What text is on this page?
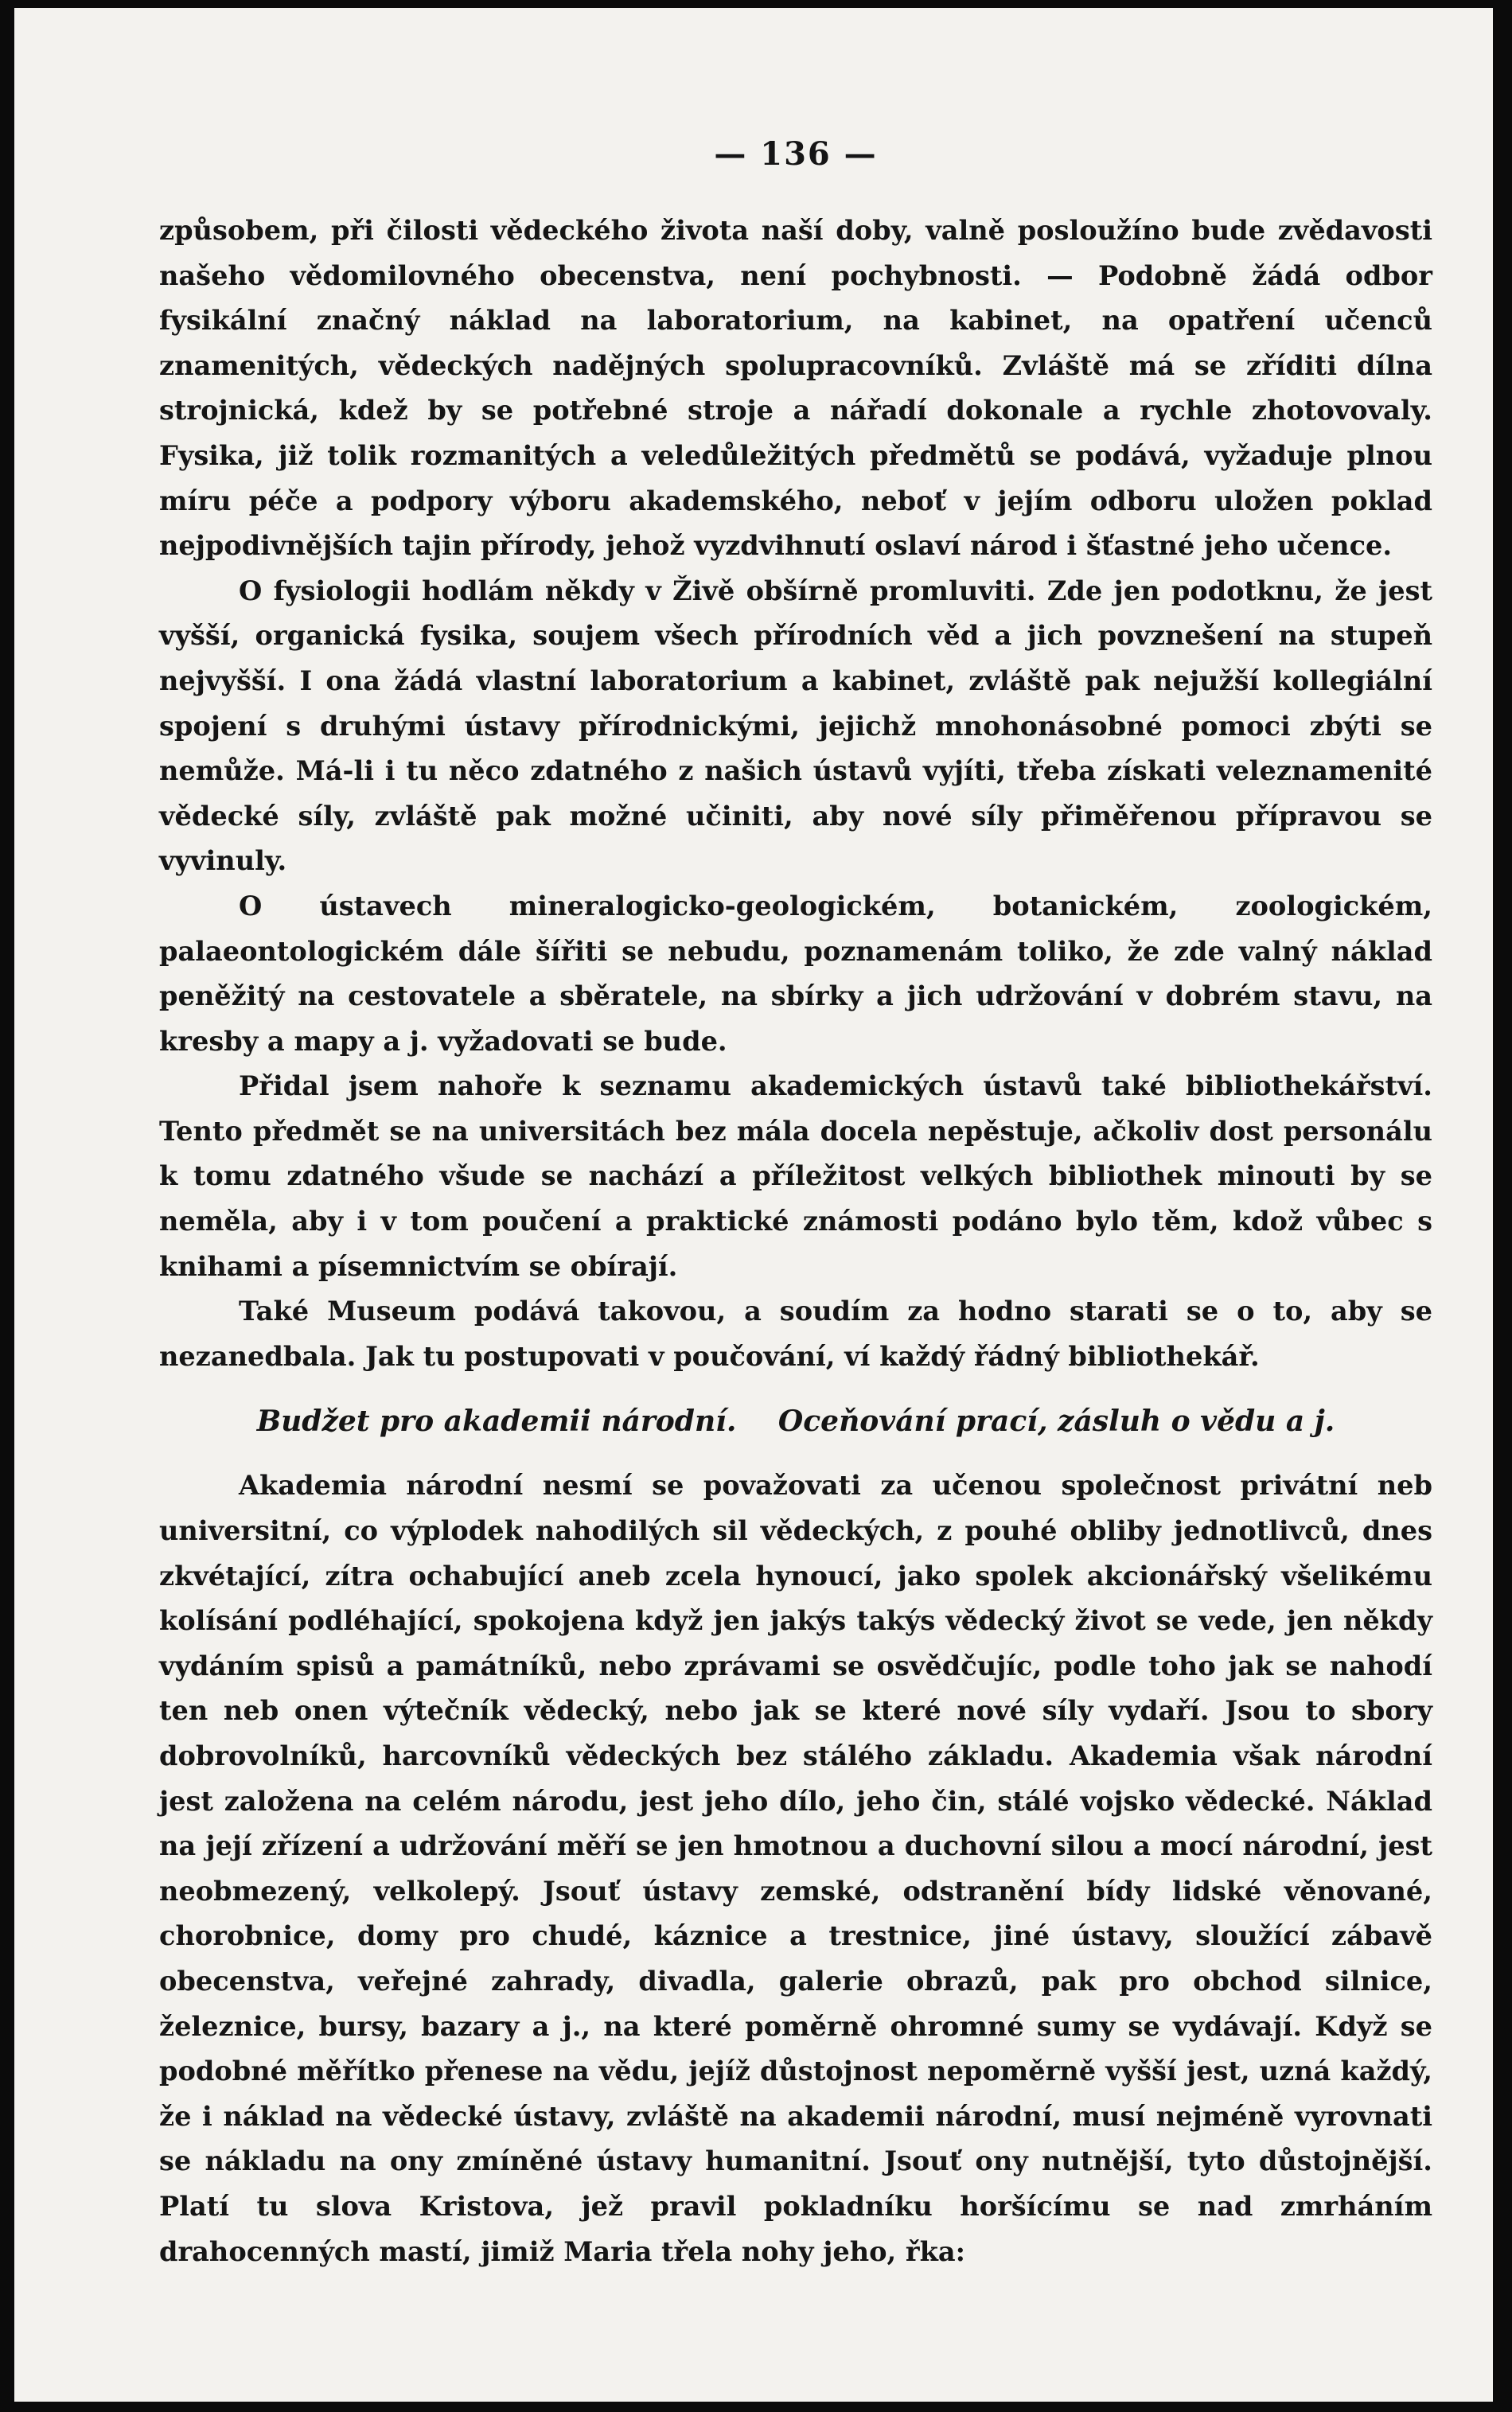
— 136 —

způsobem, při čilosti vědeckého života naší doby, valně posloužíno bude zvědavosti našeho vědomilovného obecenstva, není pochybnosti. — Podobně žádá odbor fysikální značný náklad na laboratorium, na kabinet, na opatření učenců znamenitých, vědeckých nadějných spolupracovníků. Zvláště má se zříditi dílna strojnická, kdež by se potřebné stroje a nářadí dokonale a rychle zhotovovaly. Fysika, již tolik rozmanitých a veledůležitých předmětů se podává, vyžaduje plnou míru péče a podpory výboru akademského, neboť v jejím odboru uložen poklad nejpodivnějších tajin přírody, jehož vyzdvihnutí oslaví národ i šťastné jeho učence.

O fysiologii hodlám někdy v Živě obšírně promluviti. Zde jen podotknu, že jest vyšší, organická fysika, soujem všech přírodních věd a jich povznešení na stupeň nejvyšší. I ona žádá vlastní laboratorium a kabinet, zvláště pak nejužší kollegiální spojení s druhými ústavy přírodnickými, jejichž mnohonásobné pomoci zbýti se nemůže. Má-li i tu něco zdatného z našich ústavů vyjíti, třeba získati veleznamenité vědecké síly, zvláště pak možné učiniti, aby nové síly přiměřenou přípravou se vyvinuly.

O ústavech mineralogicko-geologickém, botanickém, zoologickém, palaeontologickém dále šířiti se nebudu, poznamenám toliko, že zde valný náklad peněžitý na cestovatele a sběratele, na sbírky a jich udržování v dobrém stavu, na kresby a mapy a j. vyžadovati se bude.

Přidal jsem nahoře k seznamu akademických ústavů také bibliothekářství. Tento předmět se na universitách bez mála docela nepěstuje, ačkoliv dost personálu k tomu zdatného všude se nachází a příležitost velkých bibliothek minouti by se neměla, aby i v tom poučení a praktické známosti podáno bylo těm, kdož vůbec s knihami a písemnictvím se obírají.

Také Museum podává takovou, a soudím za hodno starati se o to, aby se nezanedbala. Jak tu postupovati v poučování, ví každý řádný bibliothekář.

Budžet pro akademii národní. Oceňování prací, zásluh o vědu a j.

Akademia národní nesmí se považovati za učenou společnost privátní neb universitní, co výplodek nahodilých sil vědeckých, z pouhé obliby jednotlivců, dnes zkvétající, zítra ochabující aneb zcela hynoucí, jako spolek akcionářský všelikému kolísání podléhající, spokojena když jen jakýs takýs vědecký život se vede, jen někdy vydáním spisů a památníků, nebo zprávami se osvědčujíc, podle toho jak se nahodí ten neb onen výtečník vědecký, nebo jak se které nové síly vydaří. Jsou to sbory dobrovolníků, harcovníků vědeckých bez stálého základu. Akademia však národní jest založena na celém národu, jest jeho dílo, jeho čin, stálé vojsko vědecké. Náklad na její zřízení a udržování měří se jen hmotnou a duchovní silou a mocí národní, jest neobmezený, velkolepý. Jsouť ústavy zemské, odstranění bídy lidské věnované, chorobnice, domy pro chudé, káznice a trestnice, jiné ústavy, sloužící zábavě obecenstva, veřejné zahrady, divadla, galerie obrazů, pak pro obchod silnice, železnice, bursy, bazary a j., na které poměrně ohromné sumy se vydávají. Když se podobné měřítko přenese na vědu, jejíž důstojnost nepoměrně vyšší jest, uzná každý, že i náklad na vědecké ústavy, zvláště na akademii národní, musí nejméně vyrovnati se nákladu na ony zmíněné ústavy humanitní. Jsouť ony nutnější, tyto důstojnější. Platí tu slova Kristova, jež pravil pokladníku horšícímu se nad zmrháním drahocenných mastí, jimiž Maria třela nohy jeho, řka:
